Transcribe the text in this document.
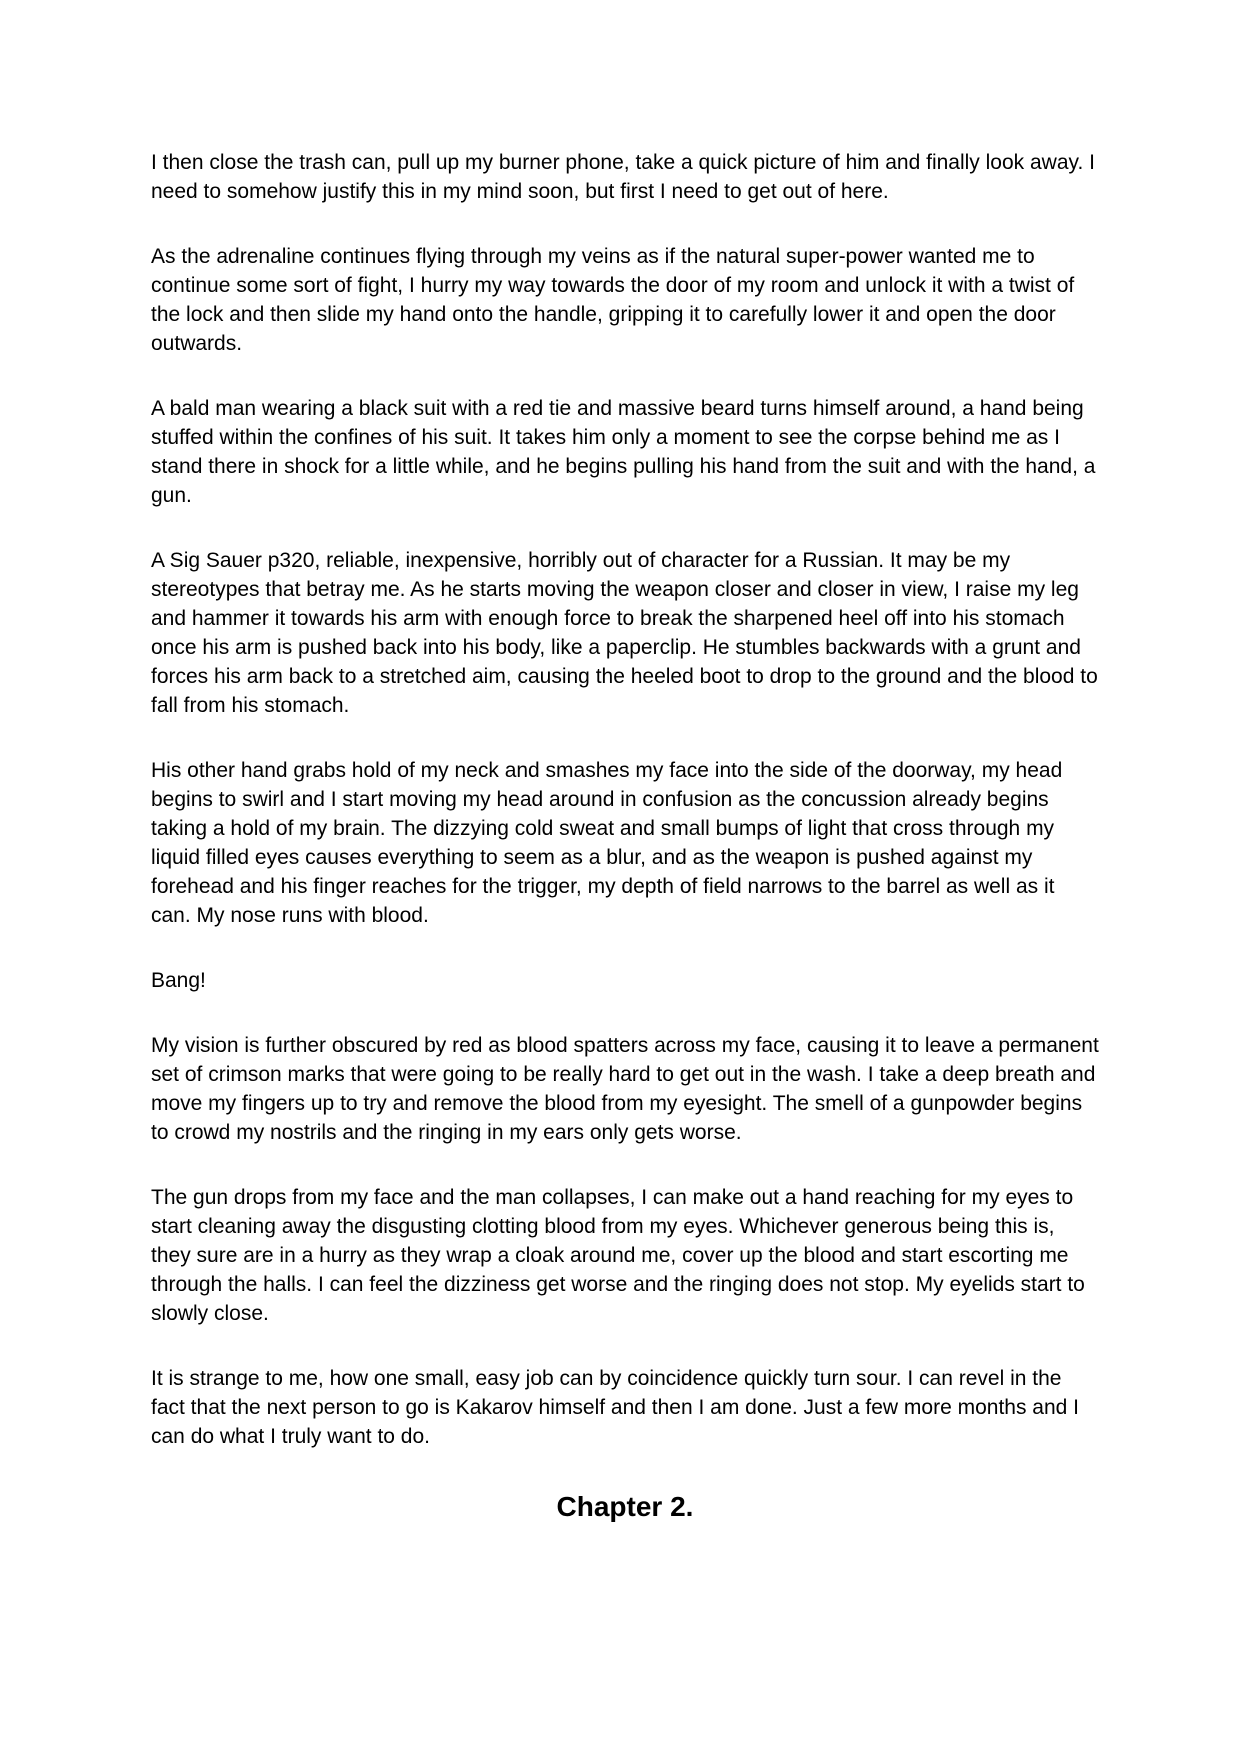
I then close the trash can, pull up my burner phone, take a quick picture of him and finally look away. I need to somehow justify this in my mind soon, but first I need to get out of here.

As the adrenaline continues flying through my veins as if the natural super-power wanted me to continue some sort of fight, I hurry my way towards the door of my room and unlock it with a twist of the lock and then slide my hand onto the handle, gripping it to carefully lower it and open the door outwards.

A bald man wearing a black suit with a red tie and massive beard turns himself around, a hand being stuffed within the confines of his suit. It takes him only a moment to see the corpse behind me as I stand there in shock for a little while, and he begins pulling his hand from the suit and with the hand, a gun.

A Sig Sauer p320, reliable, inexpensive, horribly out of character for a Russian. It may be my stereotypes that betray me. As he starts moving the weapon closer and closer in view, I raise my leg and hammer it towards his arm with enough force to break the sharpened heel off into his stomach once his arm is pushed back into his body, like a paperclip. He stumbles backwards with a grunt and forces his arm back to a stretched aim, causing the heeled boot to drop to the ground and the blood to fall from his stomach.

His other hand grabs hold of my neck and smashes my face into the side of the doorway, my head begins to swirl and I start moving my head around in confusion as the concussion already begins taking a hold of my brain. The dizzying cold sweat and small bumps of light that cross through my liquid filled eyes causes everything to seem as a blur, and as the weapon is pushed against my forehead and his finger reaches for the trigger, my depth of field narrows to the barrel as well as it can. My nose runs with blood.

Bang!

My vision is further obscured by red as blood spatters across my face, causing it to leave a permanent set of crimson marks that were going to be really hard to get out in the wash. I take a deep breath and move my fingers up to try and remove the blood from my eyesight. The smell of a gunpowder begins to crowd my nostrils and the ringing in my ears only gets worse.

The gun drops from my face and the man collapses, I can make out a hand reaching for my eyes to start cleaning away the disgusting clotting blood from my eyes. Whichever generous being this is, they sure are in a hurry as they wrap a cloak around me, cover up the blood and start escorting me through the halls. I can feel the dizziness get worse and the ringing does not stop. My eyelids start to slowly close.

It is strange to me, how one small, easy job can by coincidence quickly turn sour. I can revel in the fact that the next person to go is Kakarov himself and then I am done. Just a few more months and I can do what I truly want to do.

Chapter 2.
